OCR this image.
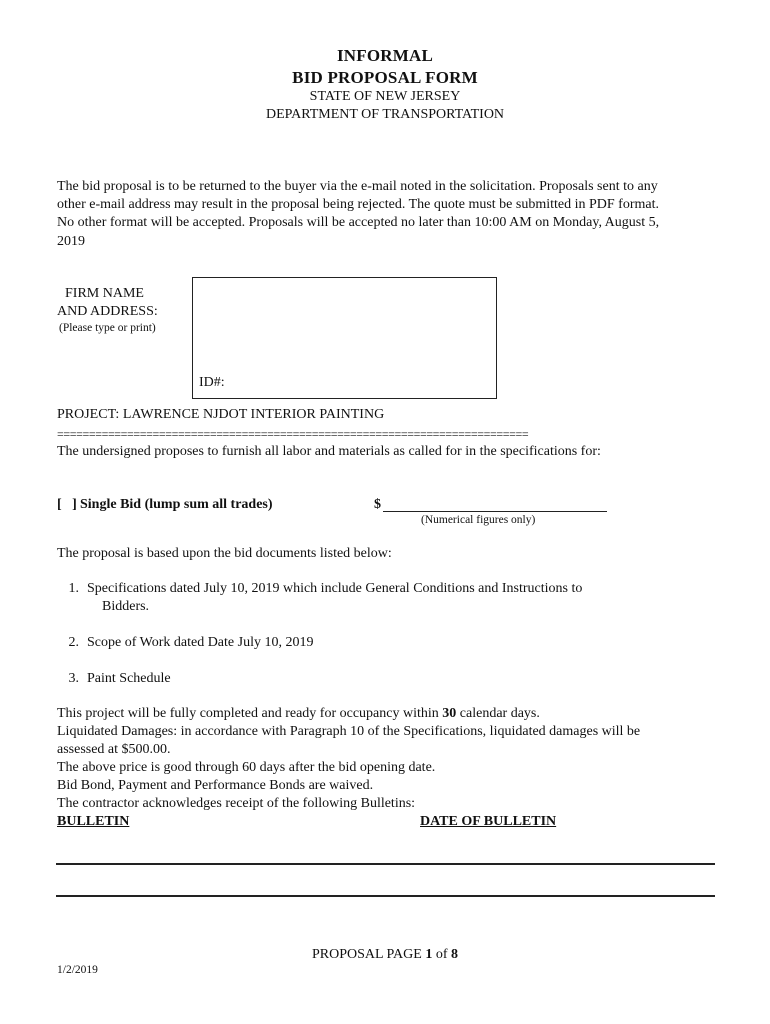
INFORMAL
BID PROPOSAL FORM
STATE OF NEW JERSEY
DEPARTMENT OF TRANSPORTATION
The bid proposal is to be returned to the buyer via the e-mail noted in the solicitation. Proposals sent to any
other e-mail address may result in the proposal being rejected. The quote must be submitted in PDF format.
No other format will be accepted. Proposals will be accepted no later than 10:00 AM on Monday, August 5,
2019
FIRM NAME
AND ADDRESS:
(Please type or print)
ID#:
PROJECT: LAWRENCE NJDOT INTERIOR PAINTING
==========================================================================
The undersigned proposes to furnish all labor and materials as called for in the specifications for:
[   ] Single Bid (lump sum all trades)	$
(Numerical figures only)
The proposal is based upon the bid documents listed below:
1. Specifications dated July 10, 2019 which include General Conditions and Instructions to
Bidders.
2. Scope of Work dated Date July 10, 2019
3. Paint Schedule
This project will be fully completed and ready for occupancy within 30 calendar days.
Liquidated Damages: in accordance with Paragraph 10 of the Specifications, liquidated damages will be
assessed at $500.00.
The above price is good through 60 days after the bid opening date.
Bid Bond, Payment and Performance Bonds are waived.
The contractor acknowledges receipt of the following Bulletins:
BULLETIN	DATE OF BULLETIN
PROPOSAL PAGE 1 of 8
1/2/2019
